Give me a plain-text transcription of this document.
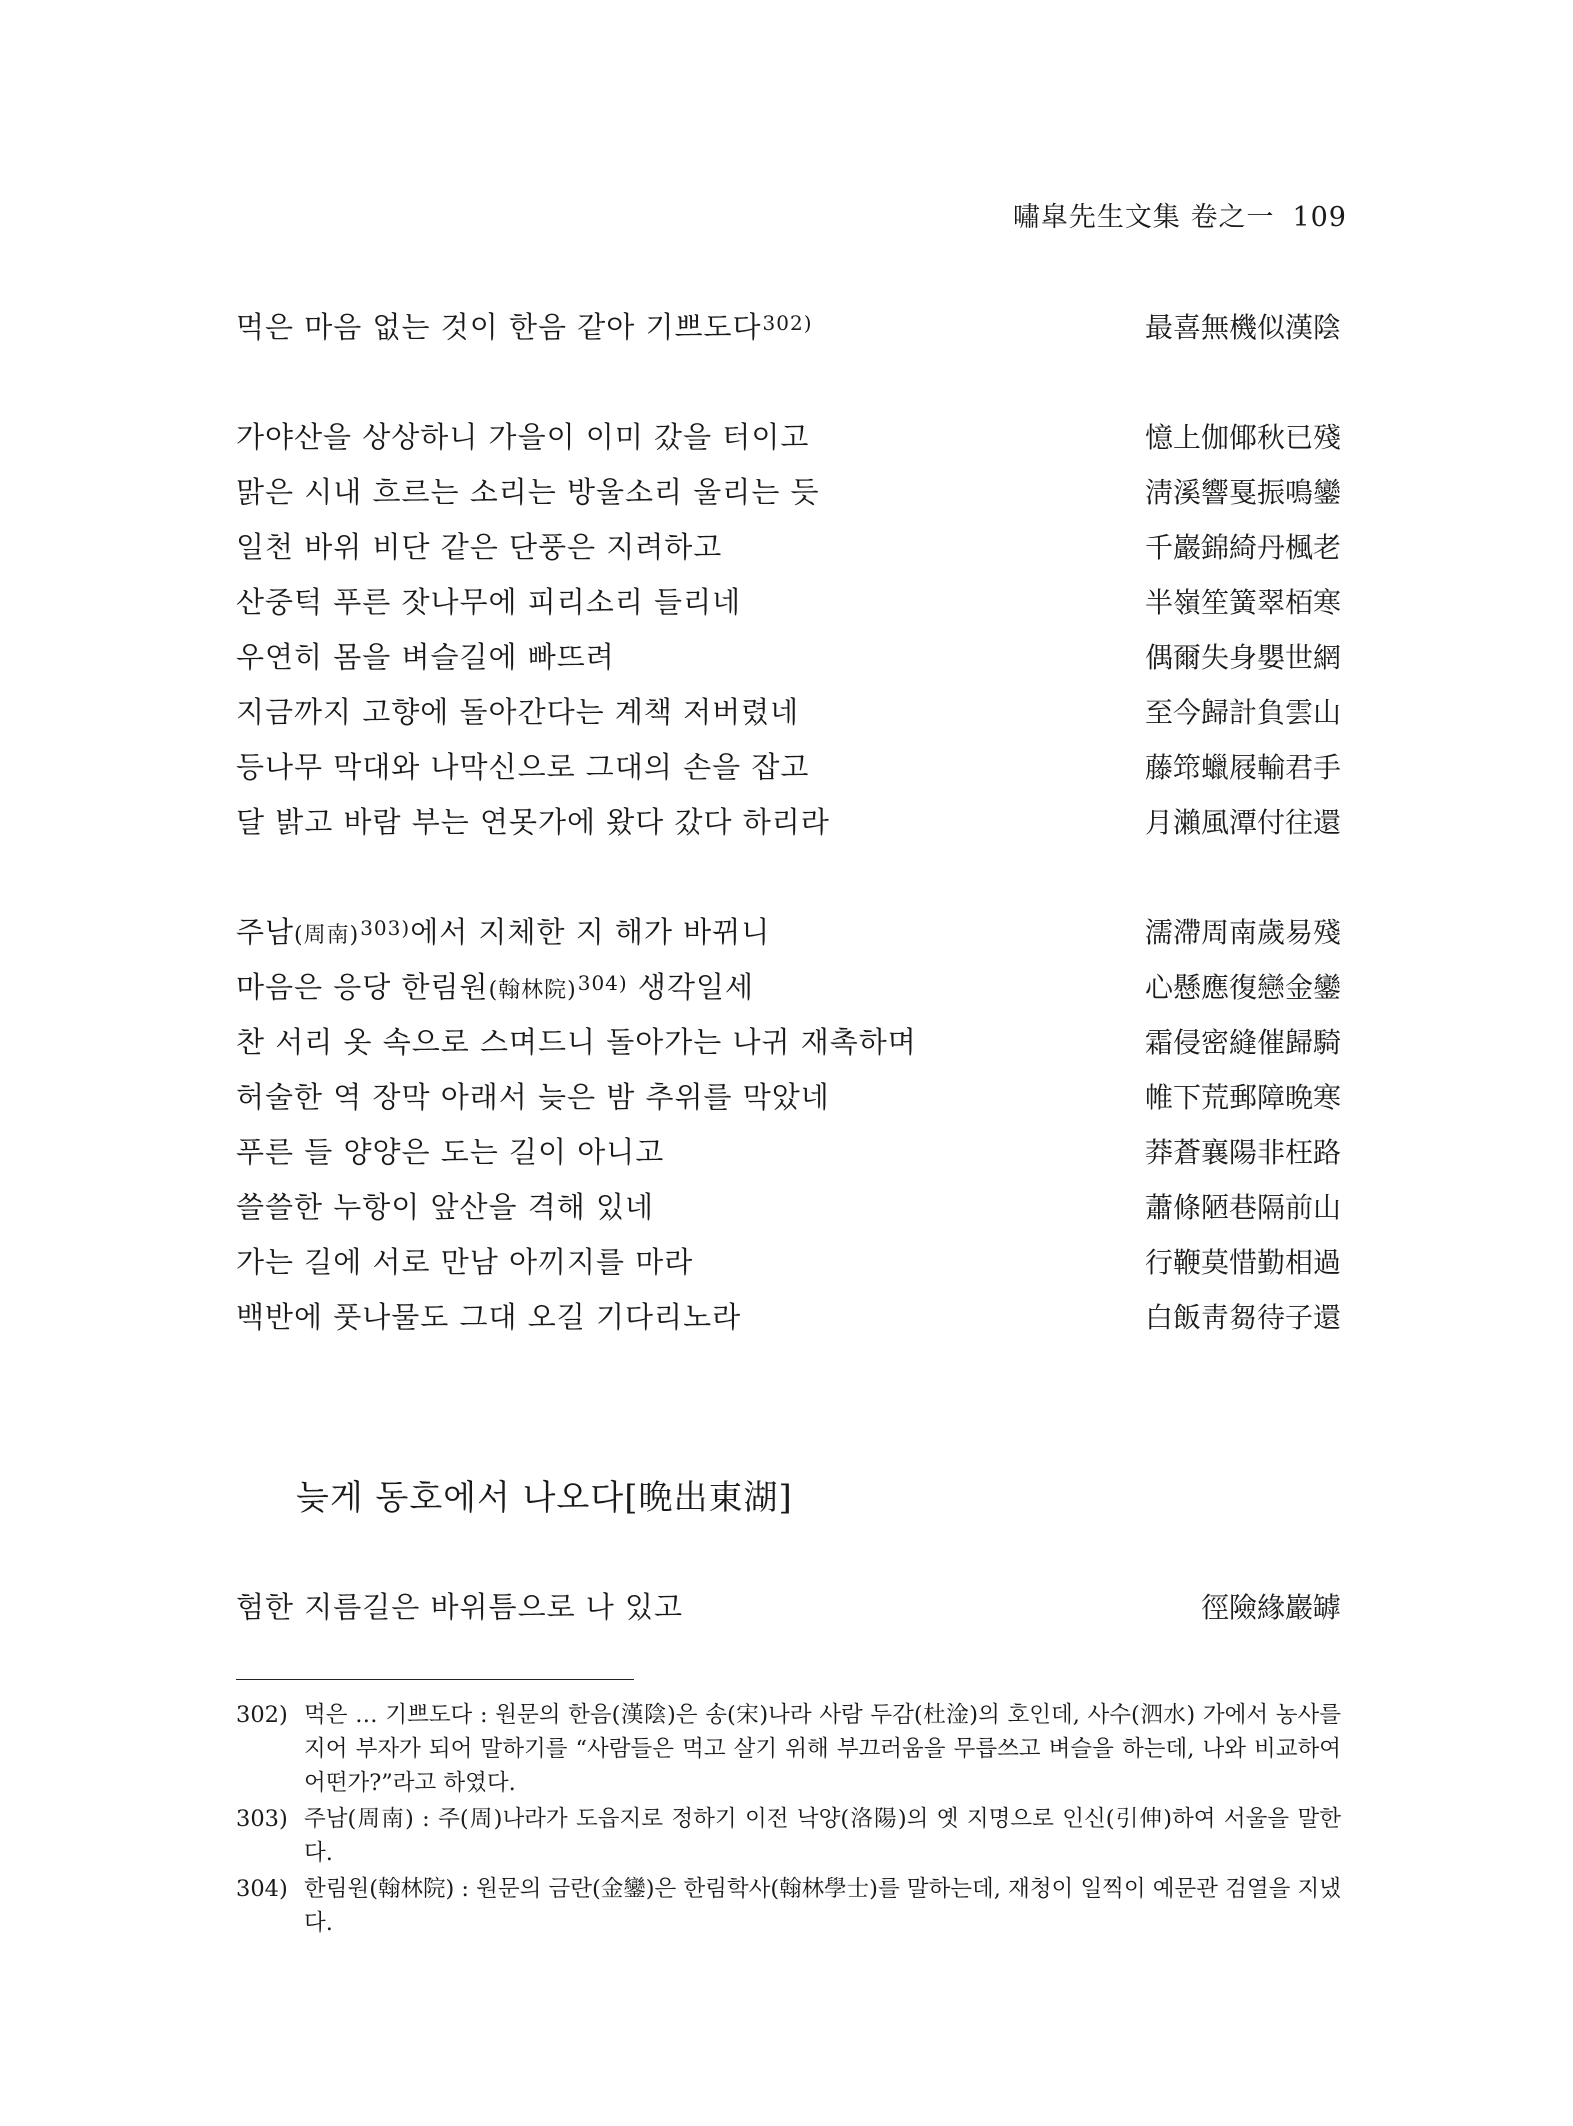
嘯皐先生文集 卷之一 109
먹은 마음 없는 것이 한음 같아 기쁘도다$^{302)}$	最喜無機似漢陰
가야산을 상상하니 가을이 이미 갔을 터이고	憶上伽倻秋已殘
맑은 시내 흐르는 소리는 방울소리 울리는 듯	淸溪響戛振鳴鑾
일천 바위 비단 같은 단풍은 지려하고	千巖錦綺丹楓老
산중턱 푸른 잣나무에 피리소리 들리네	半嶺笙簧翠栢寒
우연히 몸을 벼슬길에 빠뜨려	偶爾失身嬰世網
지금까지 고향에 돌아간다는 계책 저버렸네	至今歸計負雲山
등나무 막대와 나막신으로 그대의 손을 잡고	藤筇蠟屐輸君手
달 밝고 바람 부는 연못가에 왔다 갔다 하리라	月瀨風潭付往還
주남(周南)$^{303)}$에서 지체한 지 해가 바뀌니	濡滯周南歲易殘
마음은 응당 한림원(翰林院)$^{304)}$ 생각일세	心懸應復戀金鑾
찬 서리 옷 속으로 스며드니 돌아가는 나귀 재촉하며	霜侵密縫催歸騎
허술한 역 장막 아래서 늦은 밤 추위를 막았네	帷下荒郵障晩寒
푸른 들 양양은 도는 길이 아니고	莽蒼襄陽非枉路
쓸쓸한 누항이 앞산을 격해 있네	蕭條陋巷隔前山
가는 길에 서로 만남 아끼지를 마라	行鞭莫惜勤相過
백반에 풋나물도 그대 오길 기다리노라	白飯靑芻待子還
늦게 동호에서 나오다[晩出東湖]
험한 지름길은 바위틈으로 나 있고	徑險緣巖罅
302) 먹은 … 기쁘도다 : 원문의 한음(漢陰)은 송(宋)나라 사람 두감(杜淦)의 호인데, 사수(泗水) 가에서 농사를 지어 부자가 되어 말하기를 “사람들은 먹고 살기 위해 부끄러움을 무릅쓰고 벼슬을 하는데, 나와 비교하여 어떤가?”라고 하였다.
303) 주남(周南) : 주(周)나라가 도읍지로 정하기 이전 낙양(洛陽)의 옛 지명으로 인신(引伸)하여 서울을 말한다.
304) 한림원(翰林院) : 원문의 금란(金鑾)은 한림학사(翰林學士)를 말하는데, 재청이 일찍이 예문관 검열을 지냈다.
